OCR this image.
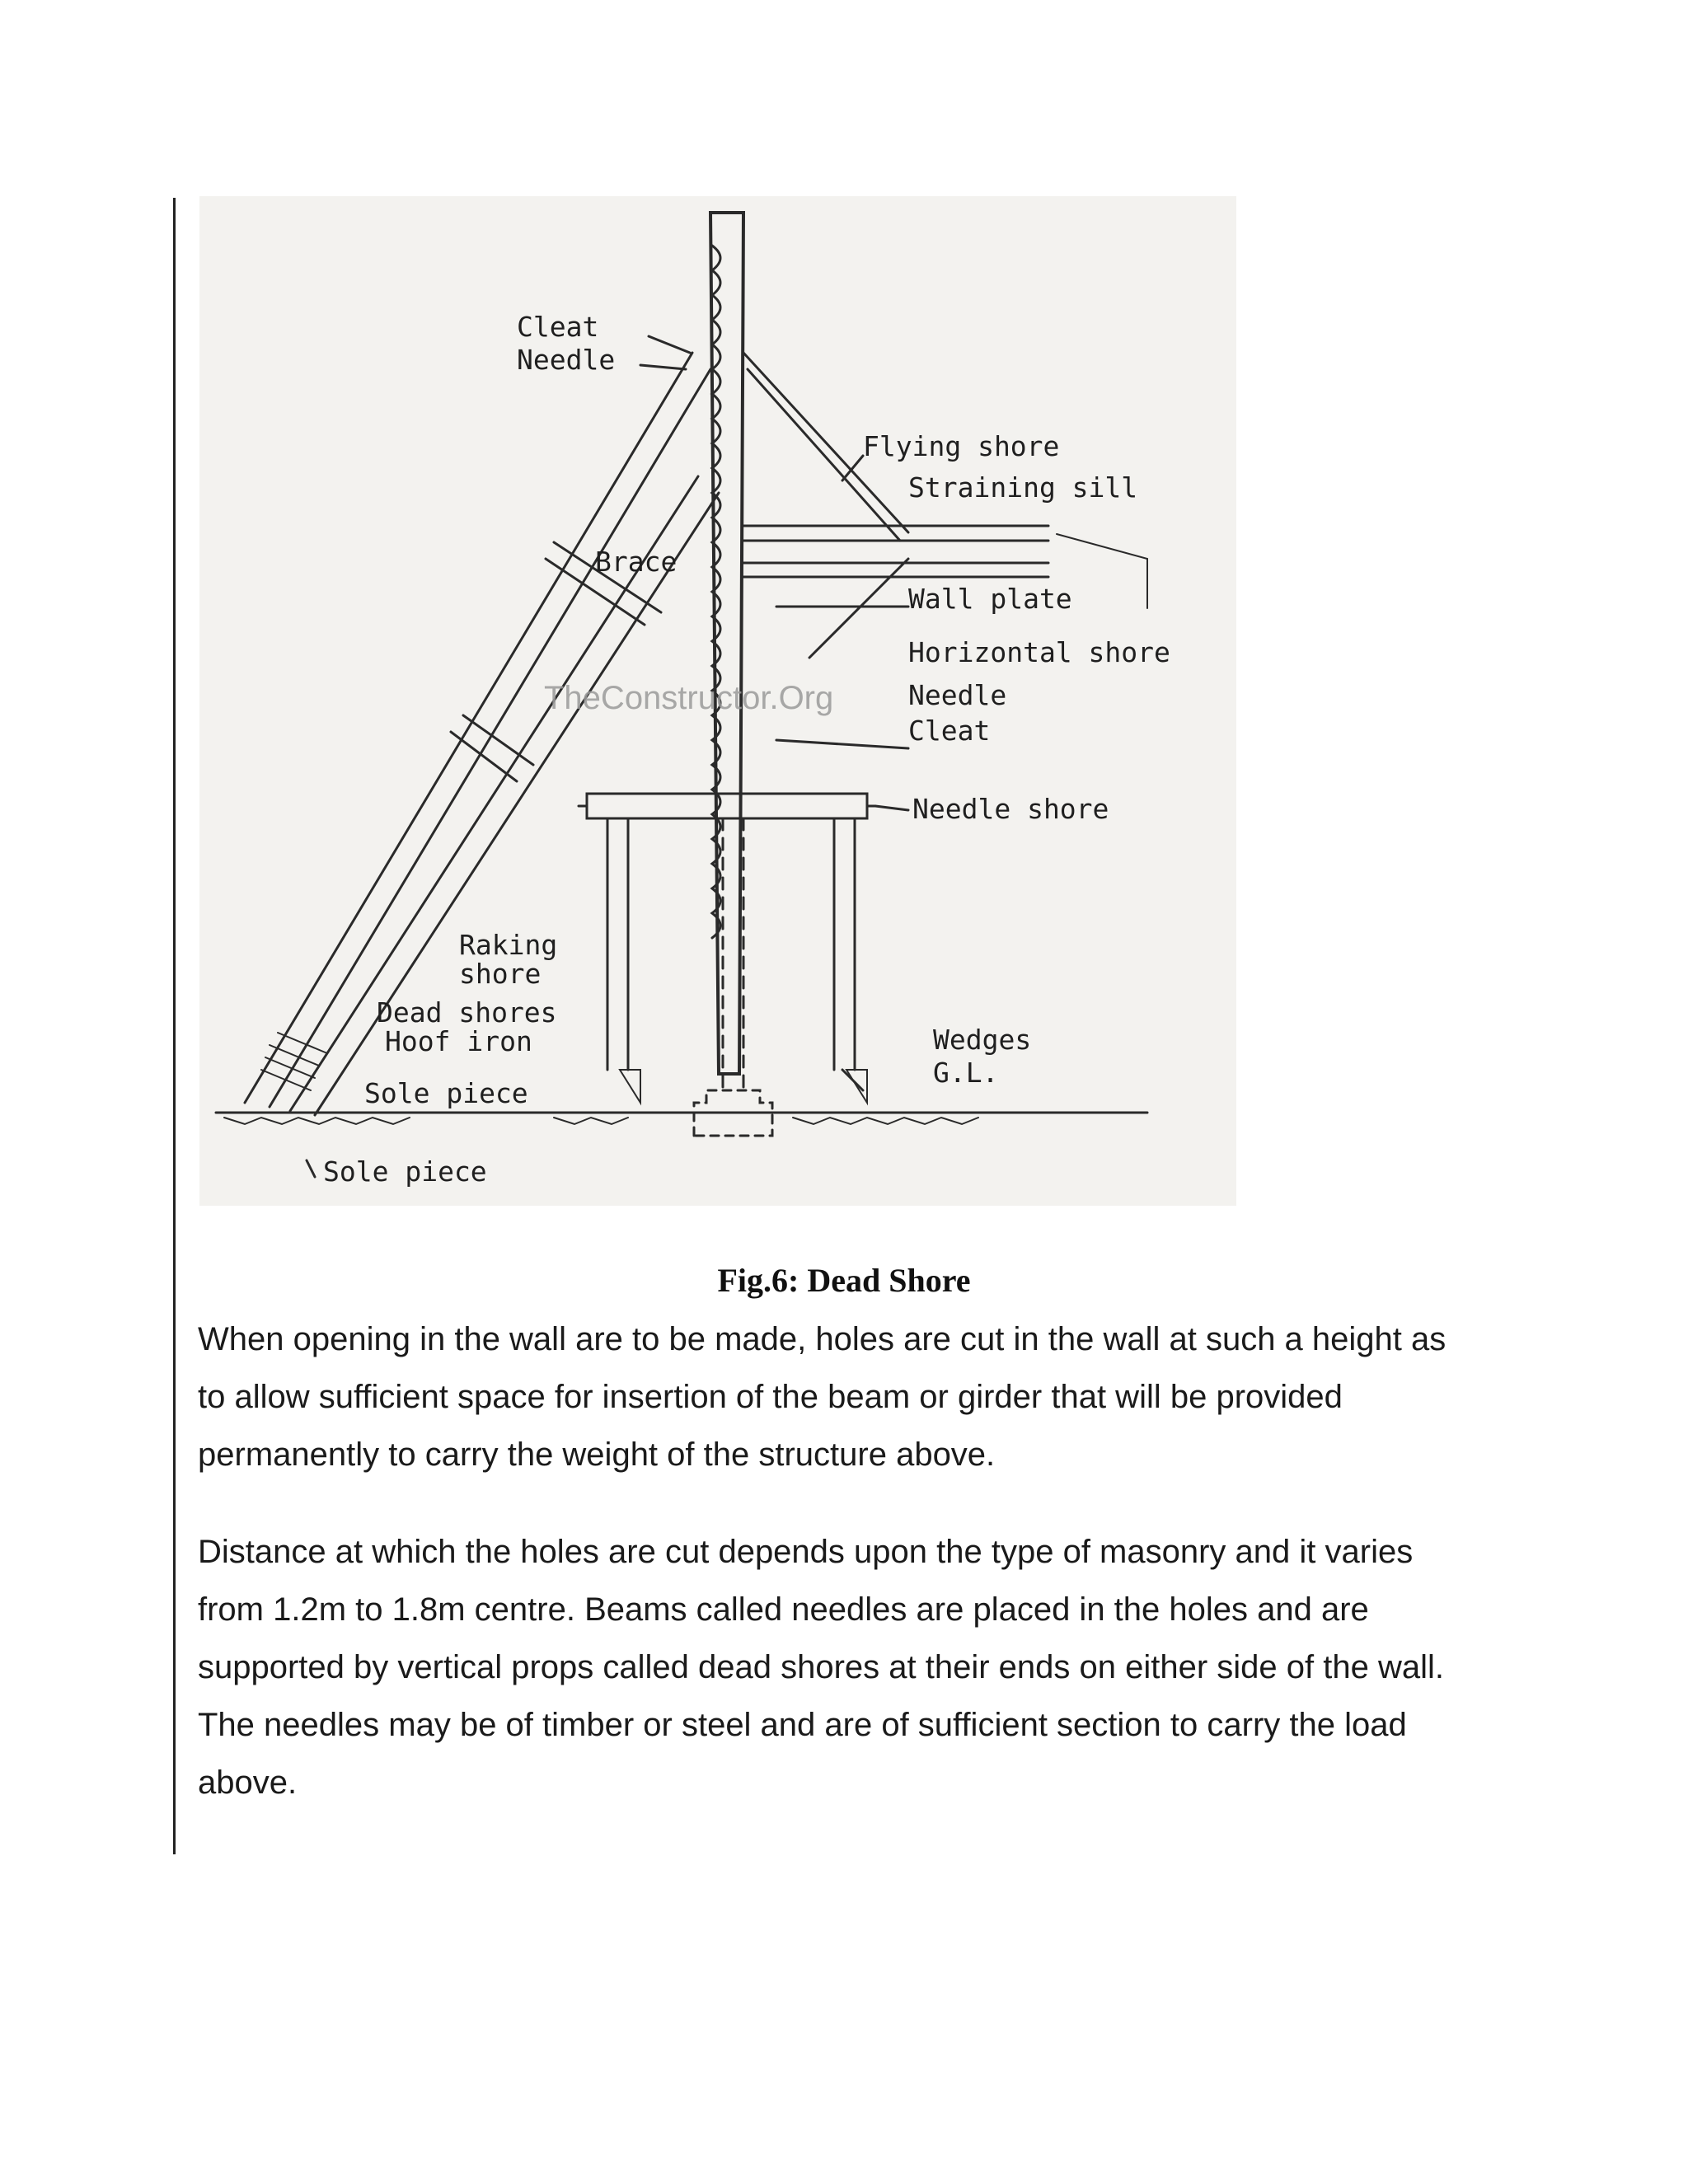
Cleat
Needle
Flying shore
Straining sill
Brace
Wall plate
Horizontal shore
Needle
Cleat
Needle shore
Raking
shore
Dead shores
Hoof iron
Sole piece
Wedges
G.L.
Sole piece
TheConstructor.Org
Fig.6: Dead Shore

When opening in the wall are to be made, holes are cut in the wall at such a height as to allow sufficient space for insertion of the beam or girder that will be provided permanently to carry the weight of the structure above.

Distance at which the holes are cut depends upon the type of masonry and it varies from 1.2m to 1.8m centre. Beams called needles are placed in the holes and are supported by vertical props called dead shores at their ends on either side of the wall. The needles may be of timber or steel and are of sufficient section to carry the load above.
